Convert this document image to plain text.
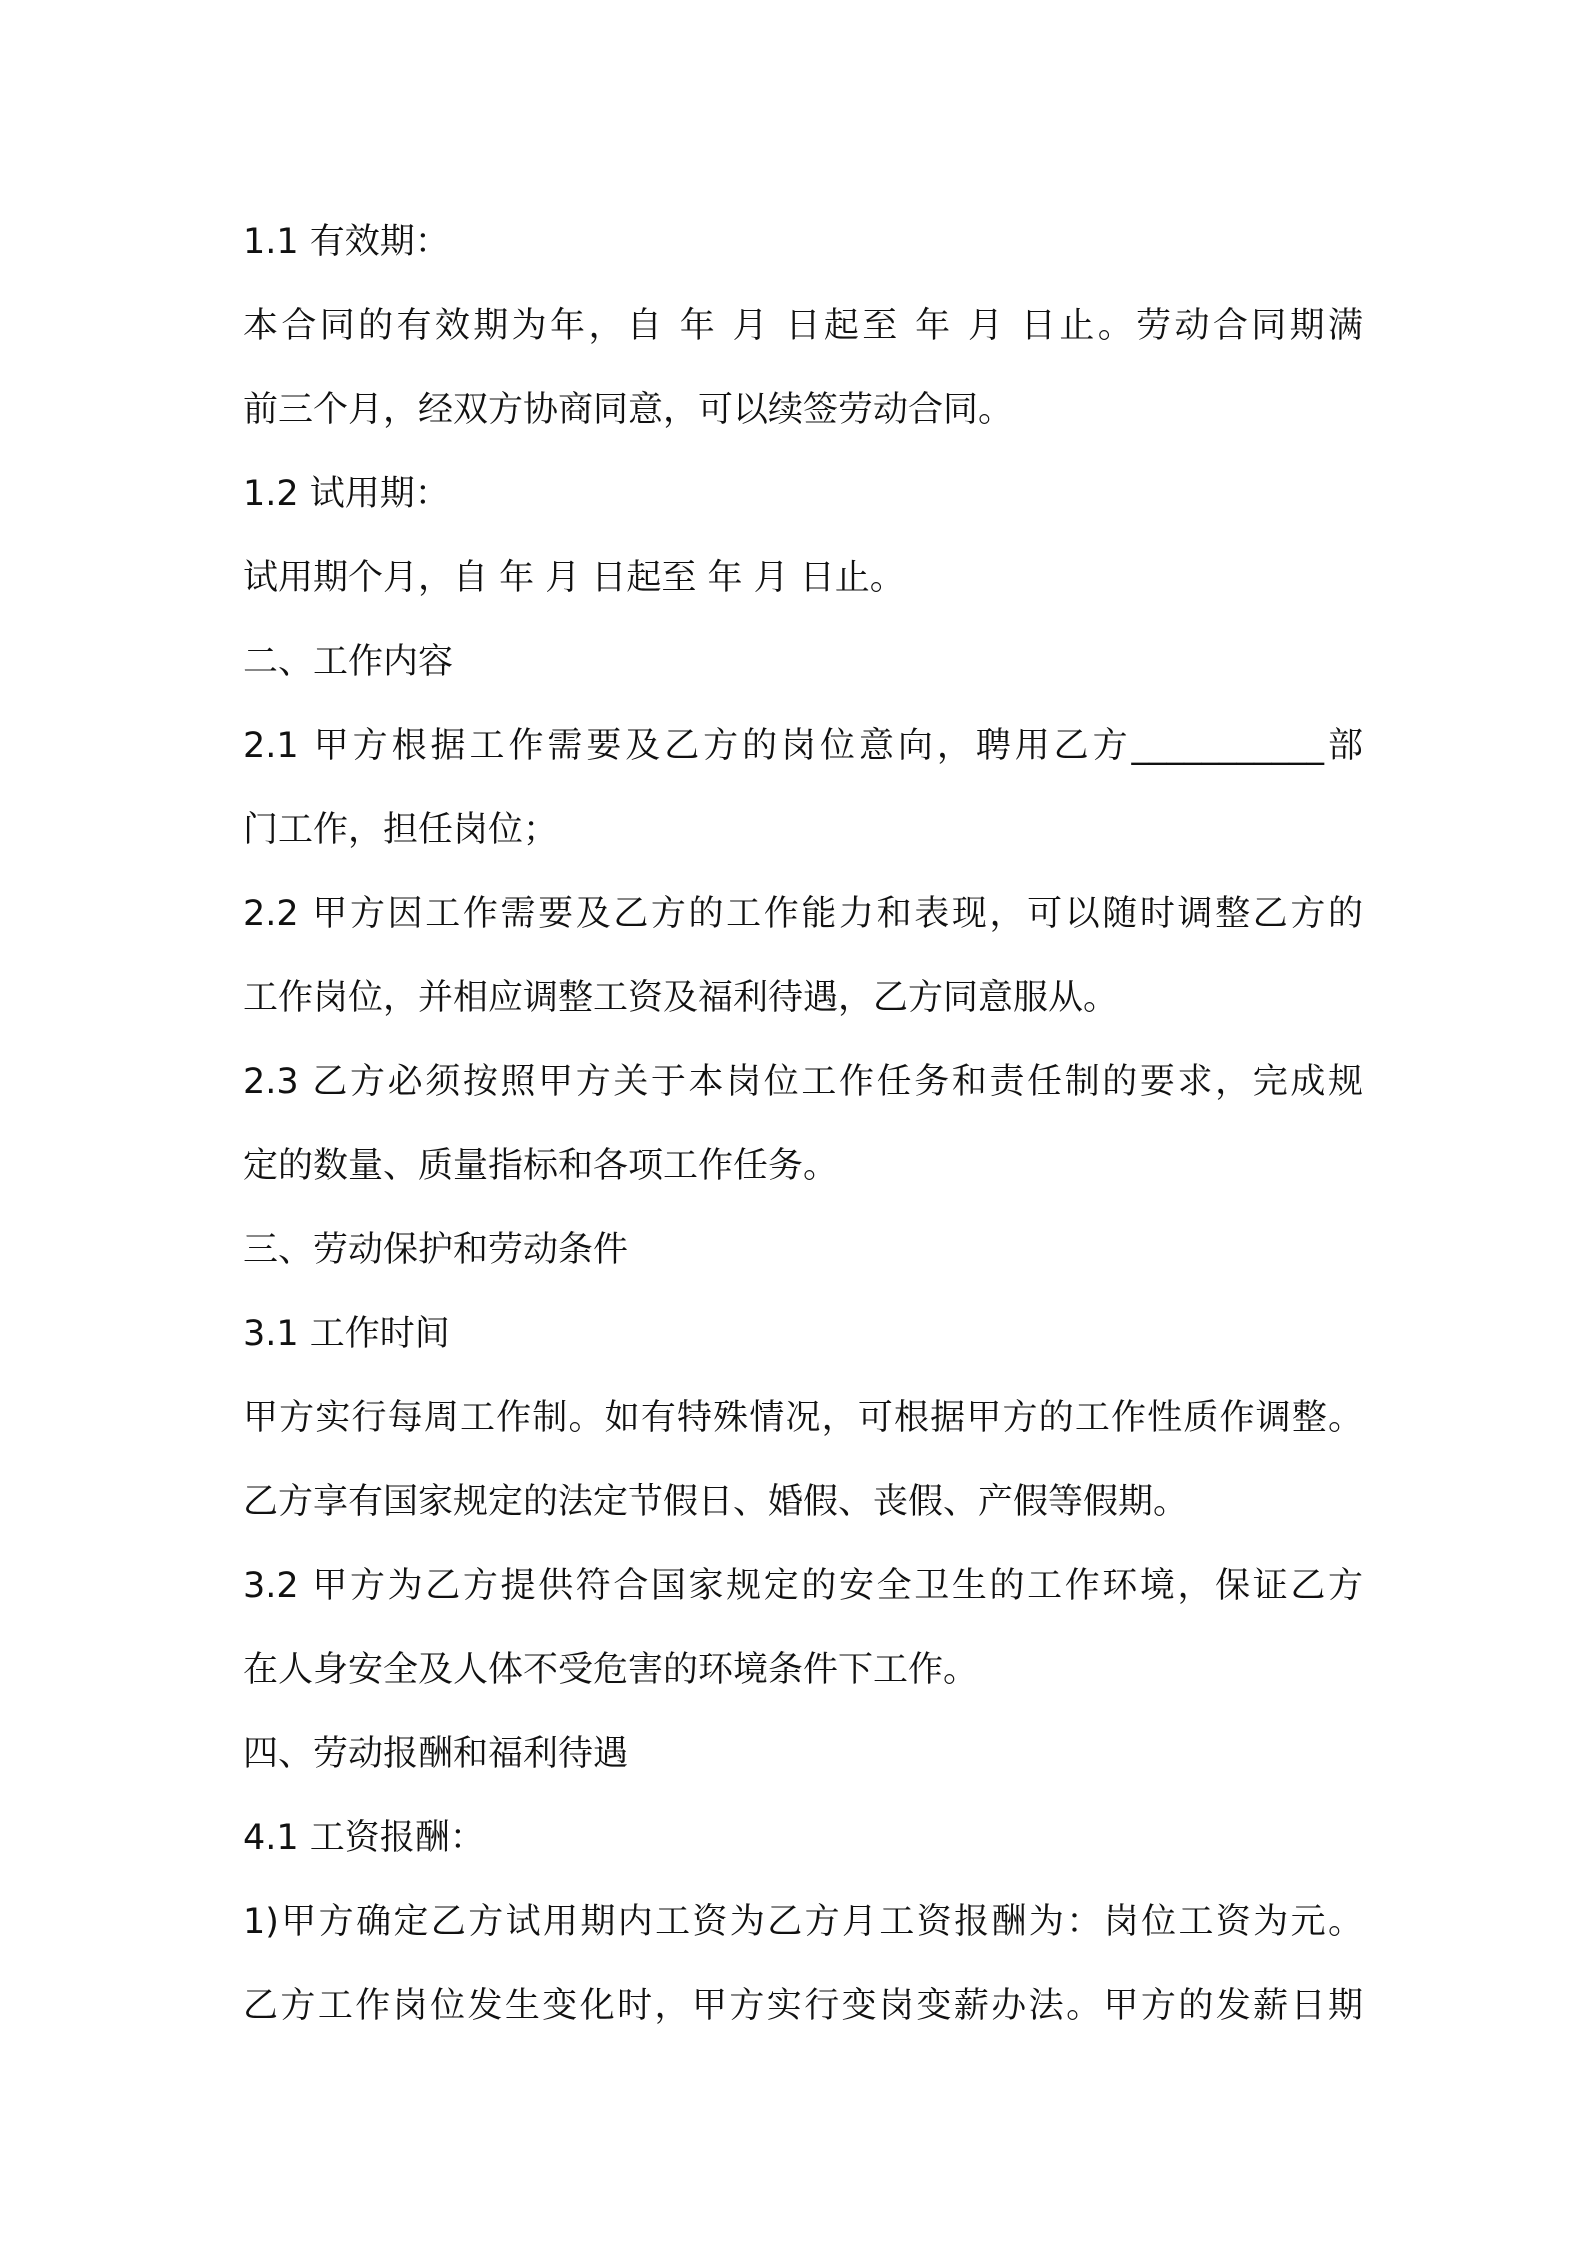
1.1 有效期：
本合同的有效期为年，自 年 月 日起至 年 月 日止。劳动合同期满
前三个月，经双方协商同意，可以续签劳动合同。
1.2 试用期：
试用期个月，自 年 月 日起至 年 月 日止。
二、工作内容
2.1 甲方根据工作需要及乙方的岗位意向，聘用乙方___________部
门工作，担任岗位；
2.2 甲方因工作需要及乙方的工作能力和表现，可以随时调整乙方的
工作岗位，并相应调整工资及福利待遇，乙方同意服从。
2.3 乙方必须按照甲方关于本岗位工作任务和责任制的要求，完成规
定的数量、质量指标和各项工作任务。
三、劳动保护和劳动条件
3.1 工作时间
甲方实行每周工作制。如有特殊情况，可根据甲方的工作性质作调整。
乙方享有国家规定的法定节假日、婚假、丧假、产假等假期。
3.2 甲方为乙方提供符合国家规定的安全卫生的工作环境，保证乙方
在人身安全及人体不受危害的环境条件下工作。
四、劳动报酬和福利待遇
4.1 工资报酬：
1)甲方确定乙方试用期内工资为乙方月工资报酬为：岗位工资为元。
乙方工作岗位发生变化时，甲方实行变岗变薪办法。甲方的发薪日期
